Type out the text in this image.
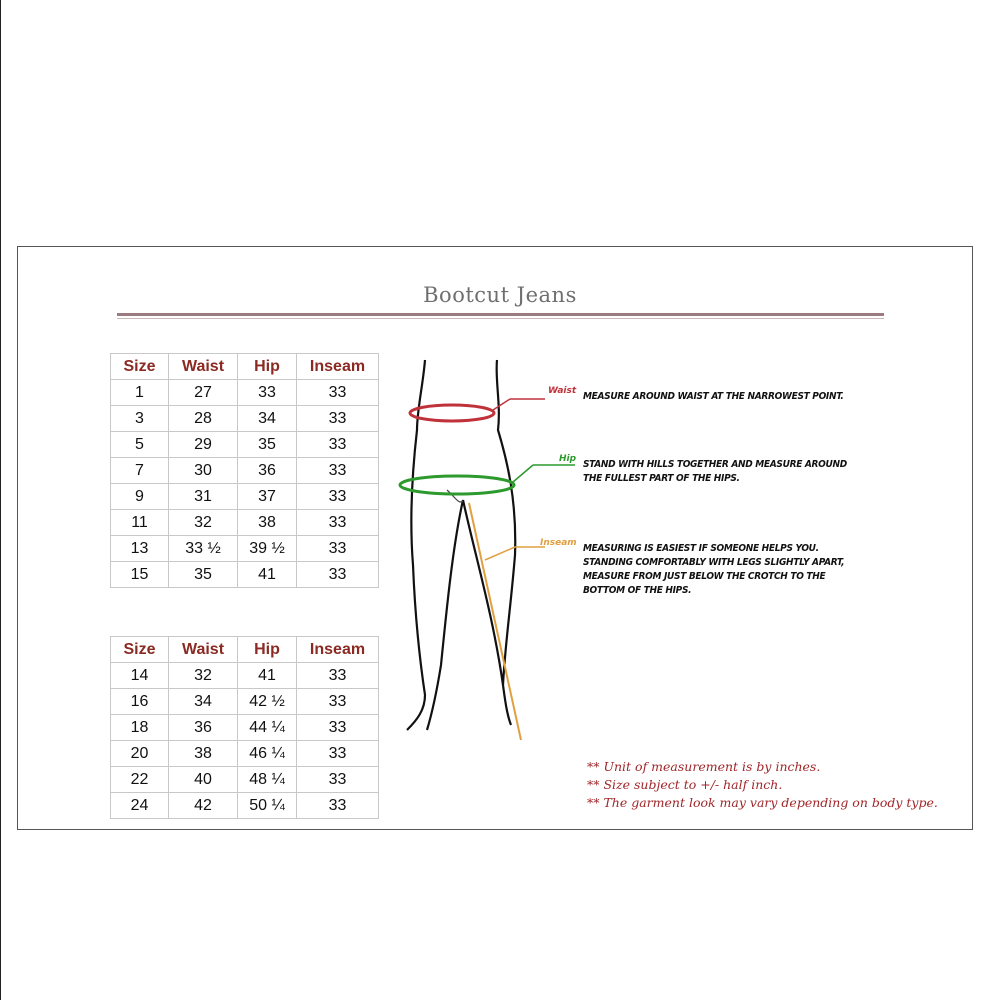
Bootcut Jeans
Size	Waist	Hip	Inseam
1	27	33	33
3	28	34	33
5	29	35	33
7	30	36	33
9	31	37	33
11	32	38	33
13	33 ½	39 ½	33
15	35	41	33
Size	Waist	Hip	Inseam
14	32	41	33
16	34	42 ½	33
18	36	44 ¼	33
20	38	46 ¼	33
22	40	48 ¼	33
24	42	50 ¼	33
Waist
Hip
Inseam
MEASURE AROUND WAIST AT THE NARROWEST POINT.
STAND WITH HILLS TOGETHER AND MEASURE AROUND
THE FULLEST PART OF THE HIPS.
MEASURING IS EASIEST IF SOMEONE HELPS YOU.
STANDING COMFORTABLY WITH LEGS SLIGHTLY APART,
MEASURE FROM JUST BELOW THE CROTCH TO THE
BOTTOM OF THE HIPS.
** Unit of measurement is by inches.
** Size subject to +/- half inch.
** The garment look may vary depending on body type.
